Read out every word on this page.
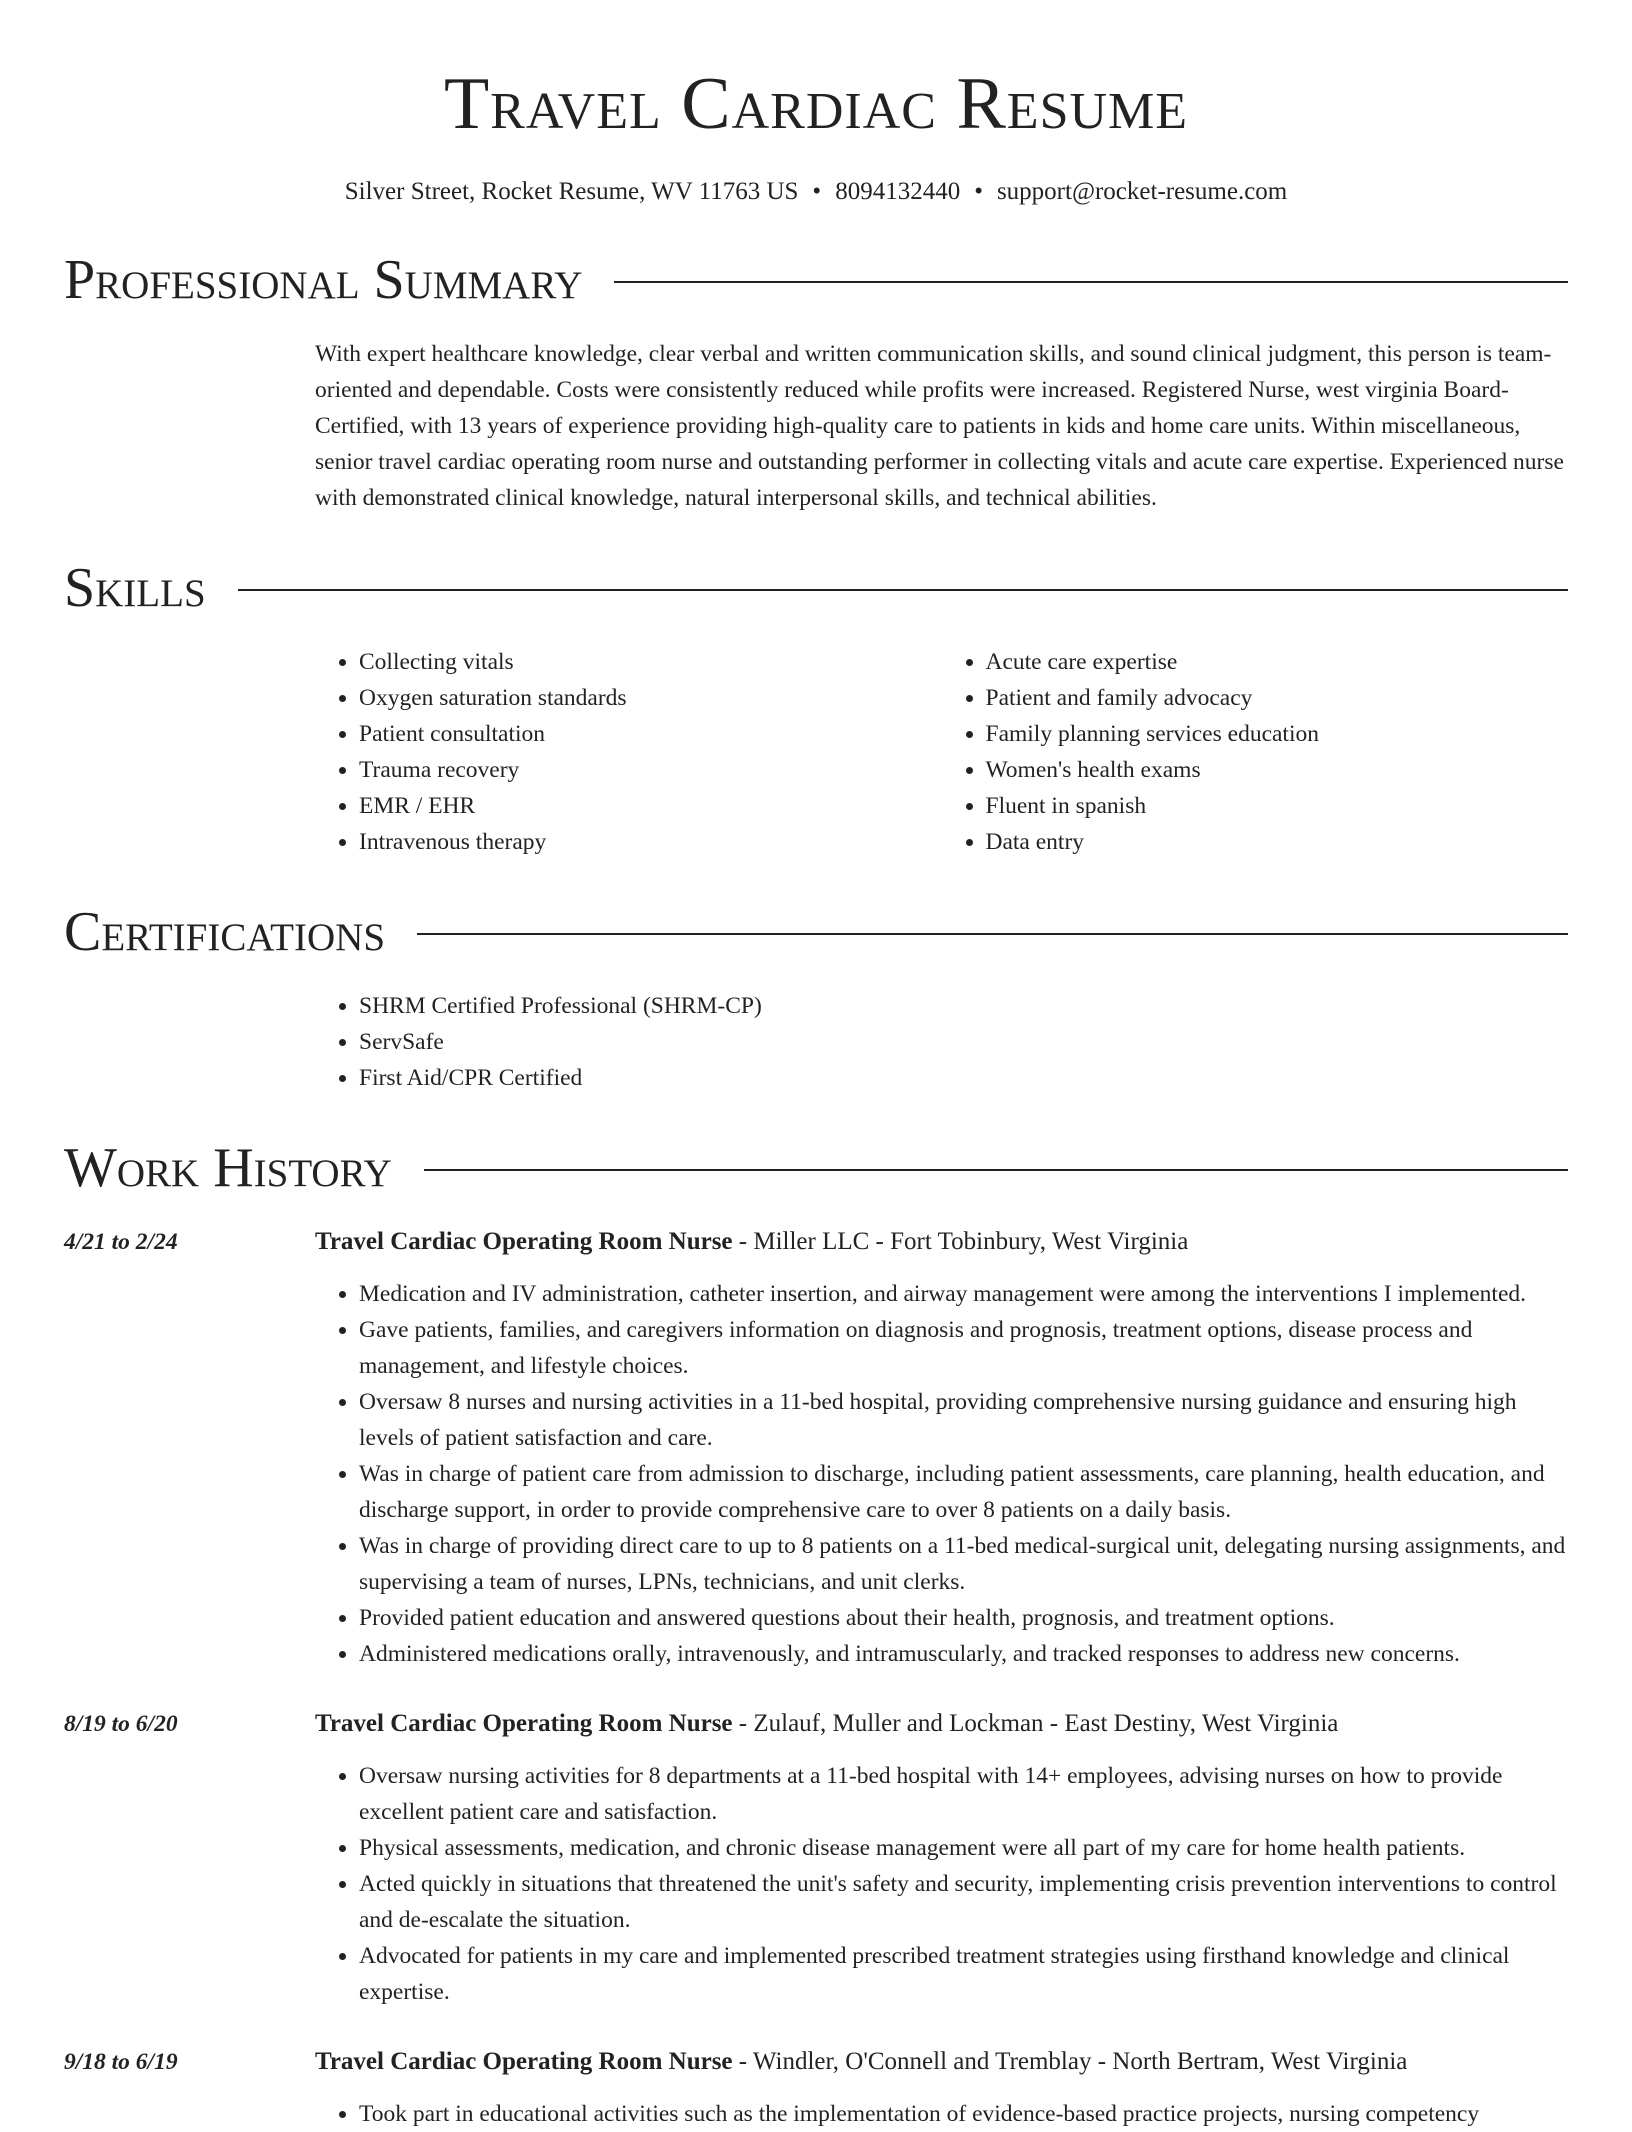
Travel Cardiac Resume
Silver Street, Rocket Resume, WV 11763 US • 8094132440 • support@rocket-resume.com
Professional Summary
With expert healthcare knowledge, clear verbal and written communication skills, and sound clinical judgment, this person is team-oriented and dependable. Costs were consistently reduced while profits were increased. Registered Nurse, west virginia Board-Certified, with 13 years of experience providing high-quality care to patients in kids and home care units. Within miscellaneous, senior travel cardiac operating room nurse and outstanding performer in collecting vitals and acute care expertise. Experienced nurse with demonstrated clinical knowledge, natural interpersonal skills, and technical abilities.
Skills
• Collecting vitals
• Oxygen saturation standards
• Patient consultation
• Trauma recovery
• EMR / EHR
• Intravenous therapy
• Acute care expertise
• Patient and family advocacy
• Family planning services education
• Women's health exams
• Fluent in spanish
• Data entry
Certifications
• SHRM Certified Professional (SHRM-CP)
• ServSafe
• First Aid/CPR Certified
Work History
4/21 to 2/24	Travel Cardiac Operating Room Nurse - Miller LLC - Fort Tobinbury, West Virginia
• Medication and IV administration, catheter insertion, and airway management were among the interventions I implemented.
• Gave patients, families, and caregivers information on diagnosis and prognosis, treatment options, disease process and management, and lifestyle choices.
• Oversaw 8 nurses and nursing activities in a 11-bed hospital, providing comprehensive nursing guidance and ensuring high levels of patient satisfaction and care.
• Was in charge of patient care from admission to discharge, including patient assessments, care planning, health education, and discharge support, in order to provide comprehensive care to over 8 patients on a daily basis.
• Was in charge of providing direct care to up to 8 patients on a 11-bed medical-surgical unit, delegating nursing assignments, and supervising a team of nurses, LPNs, technicians, and unit clerks.
• Provided patient education and answered questions about their health, prognosis, and treatment options.
• Administered medications orally, intravenously, and intramuscularly, and tracked responses to address new concerns.
8/19 to 6/20	Travel Cardiac Operating Room Nurse - Zulauf, Muller and Lockman - East Destiny, West Virginia
• Oversaw nursing activities for 8 departments at a 11-bed hospital with 14+ employees, advising nurses on how to provide excellent patient care and satisfaction.
• Physical assessments, medication, and chronic disease management were all part of my care for home health patients.
• Acted quickly in situations that threatened the unit's safety and security, implementing crisis prevention interventions to control and de-escalate the situation.
• Advocated for patients in my care and implemented prescribed treatment strategies using firsthand knowledge and clinical expertise.
9/18 to 6/19	Travel Cardiac Operating Room Nurse - Windler, O'Connell and Tremblay - North Bertram, West Virginia
• Took part in educational activities such as the implementation of evidence-based practice projects, nursing competency
